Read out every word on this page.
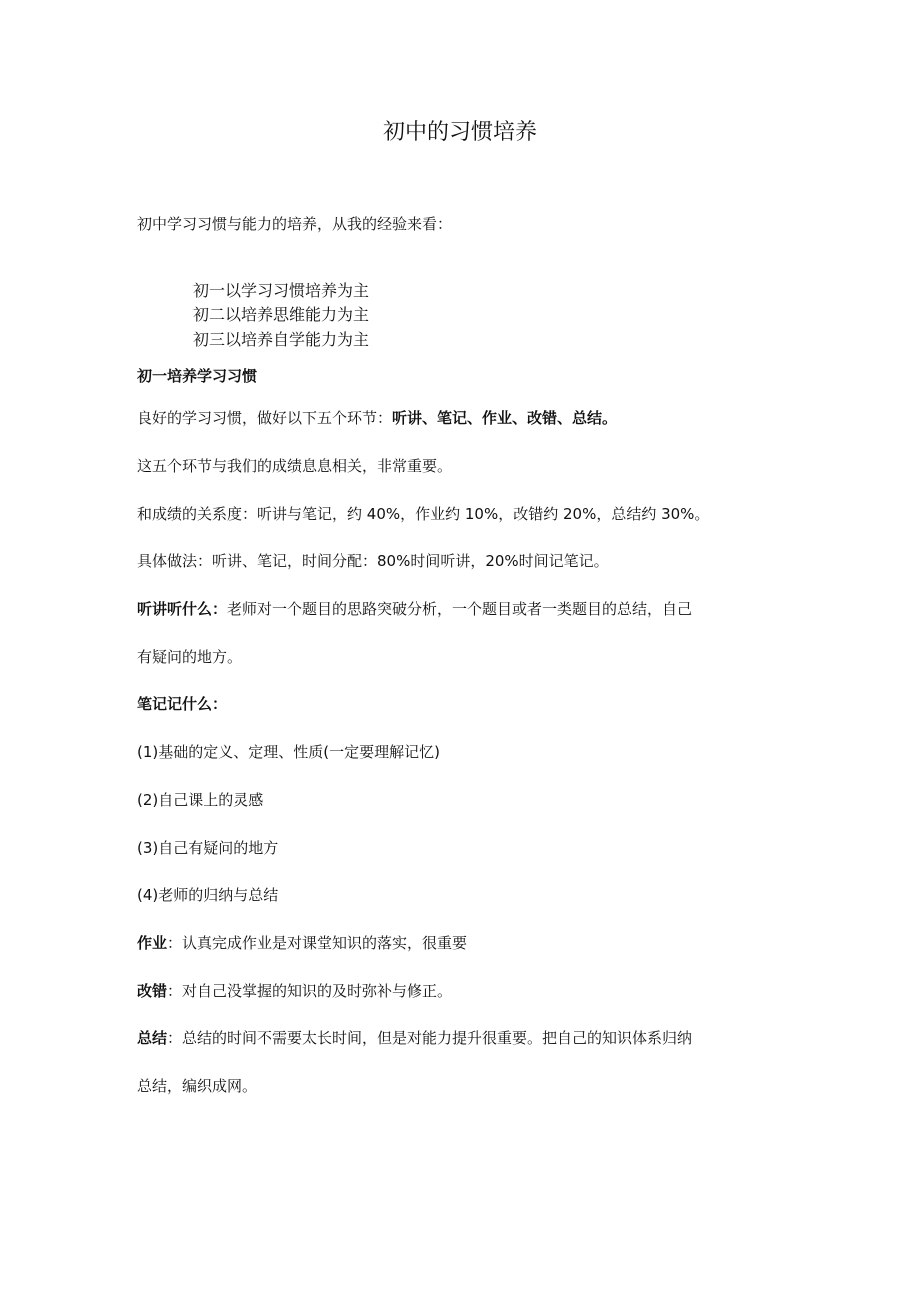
初中的习惯培养
初中学习习惯与能力的培养，从我的经验来看：
初一以学习习惯培养为主
初二以培养思维能力为主
初三以培养自学能力为主
初一培养学习习惯
良好的学习习惯，做好以下五个环节：听讲、笔记、作业、改错、总结。
这五个环节与我们的成绩息息相关，非常重要。
和成绩的关系度：听讲与笔记，约 40%，作业约 10%，改错约 20%，总结约 30%。
具体做法：听讲、笔记，时间分配：80%时间听讲，20%时间记笔记。
听讲听什么：老师对一个题目的思路突破分析，一个题目或者一类题目的总结，自己
有疑问的地方。
笔记记什么：
(1)基础的定义、定理、性质(一定要理解记忆)
(2)自己课上的灵感
(3)自己有疑问的地方
(4)老师的归纳与总结
作业：认真完成作业是对课堂知识的落实，很重要
改错：对自己没掌握的知识的及时弥补与修正。
总结：总结的时间不需要太长时间，但是对能力提升很重要。把自己的知识体系归纳
总结，编织成网。
